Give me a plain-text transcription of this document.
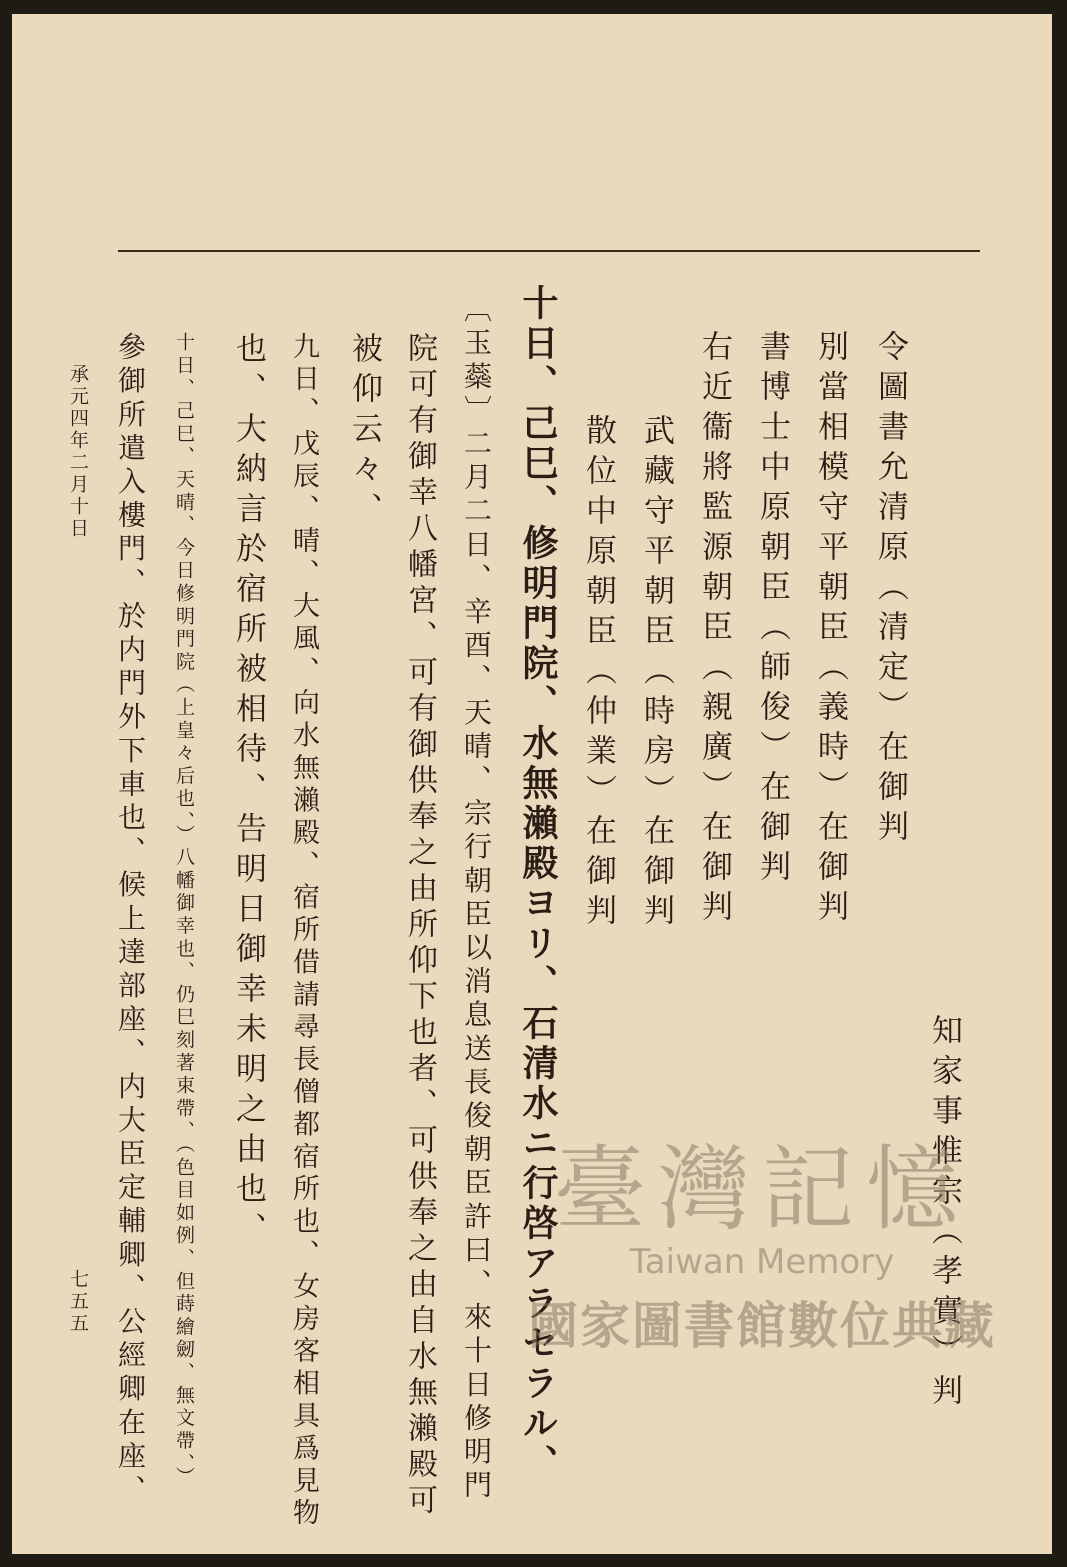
令圖書允清原（清定）在御判
別當相模守平朝臣（義時）在御判
書博士中原朝臣（師俊）在御判
右近衞將監源朝臣（親廣）在御判
武藏守平朝臣（時房）在御判
散位中原朝臣（仲業）在御判
知家事惟宗（孝實）判
十日、己巳、修明門院、水無瀨殿ヨリ、石清水ニ行啓アラセラル、
〔玉蘂〕二月二日、辛酉、天晴、宗行朝臣以消息送長俊朝臣許曰、來十日修明門
院可有御幸八幡宮、可有御供奉之由所仰下也者、可供奉之由自水無瀨殿可
被仰云々、
九日、戊辰、晴、大風、向水無瀨殿、宿所借請尋長僧都宿所也、女房客相具爲見物
也、大納言於宿所被相待、告明日御幸未明之由也、
十日、己巳、天晴、今日修明門院（上皇々后也、）八幡御幸也、仍巳刻著束帶、（色目如例、但蒔繪劒、無文帶、）
參御所遣入樓門、於内門外下車也、候上達部座、内大臣定輔卿、公經卿在座、
承元四年二月十日
七五五
臺灣記憶
Taiwan Memory
國家圖書館數位典藏
